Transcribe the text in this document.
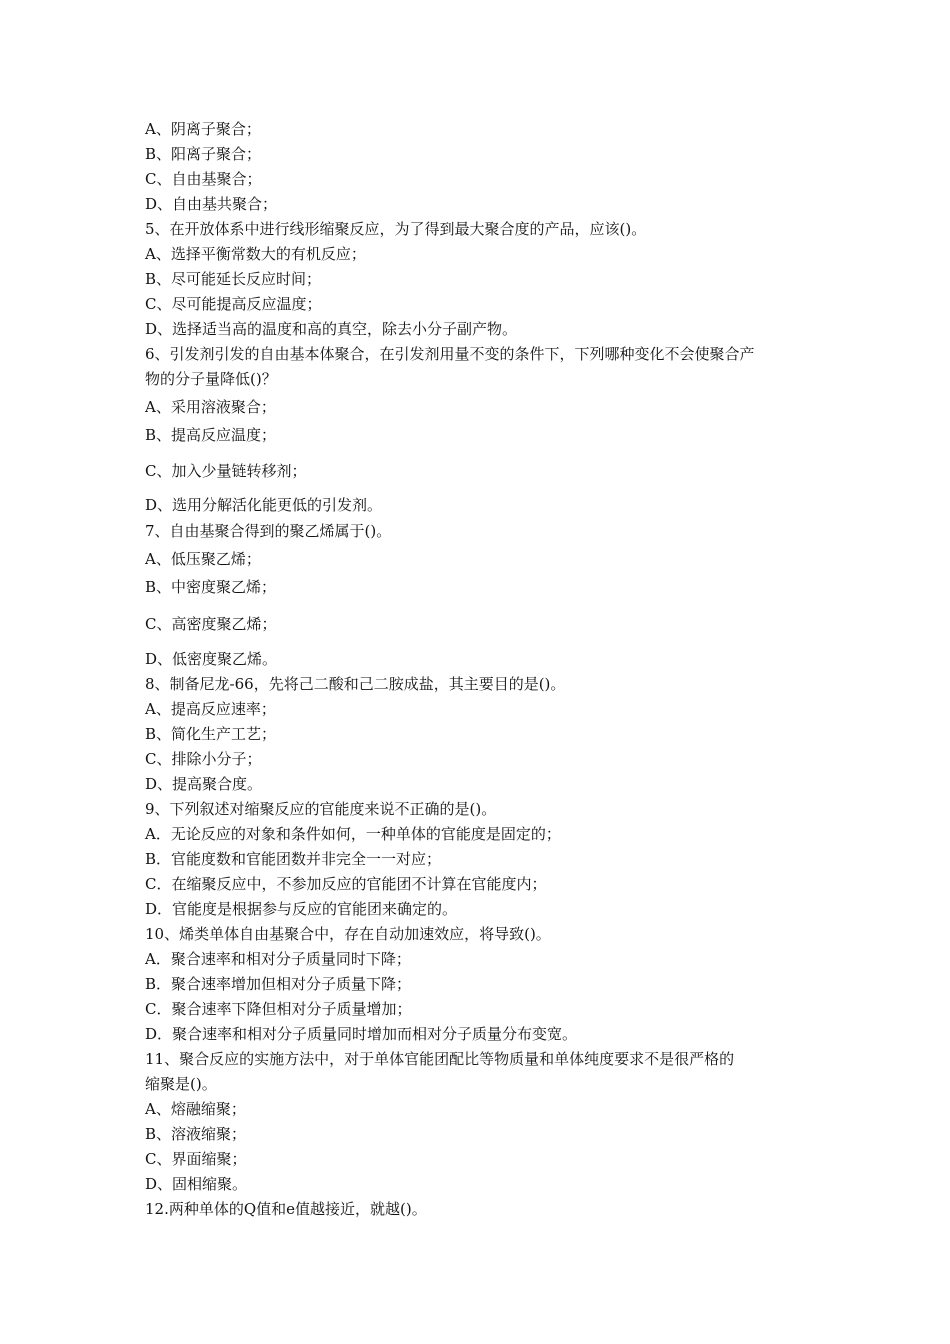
A、阴离子聚合；
B、阳离子聚合；
C、自由基聚合；
D、自由基共聚合；
5、在开放体系中进行线形缩聚反应，为了得到最大聚合度的产品，应该()。
A、选择平衡常数大的有机反应；
B、尽可能延长反应时间；
C、尽可能提高反应温度；
D、选择适当高的温度和高的真空，除去小分子副产物。
6、引发剂引发的自由基本体聚合，在引发剂用量不变的条件下，下列哪种变化不会使聚合产
物的分子量降低()？
A、采用溶液聚合；
B、提高反应温度；
C、加入少量链转移剂；
D、选用分解活化能更低的引发剂。
7、自由基聚合得到的聚乙烯属于()。
A、低压聚乙烯；
B、中密度聚乙烯；
C、高密度聚乙烯；
D、低密度聚乙烯。
8、制备尼龙-66，先将己二酸和己二胺成盐，其主要目的是()。
A、提高反应速率；
B、简化生产工艺；
C、排除小分子；
D、提高聚合度。
9、下列叙述对缩聚反应的官能度来说不正确的是()。
A．无论反应的对象和条件如何，一种单体的官能度是固定的；
B．官能度数和官能团数并非完全一一对应；
C．在缩聚反应中，不参加反应的官能团不计算在官能度内；
D．官能度是根据参与反应的官能团来确定的。
10、烯类单体自由基聚合中，存在自动加速效应，将导致()。
A．聚合速率和相对分子质量同时下降；
B．聚合速率增加但相对分子质量下降；
C．聚合速率下降但相对分子质量增加；
D．聚合速率和相对分子质量同时增加而相对分子质量分布变宽。
11、聚合反应的实施方法中，对于单体官能团配比等物质量和单体纯度要求不是很严格的
缩聚是()。
A、熔融缩聚；
B、溶液缩聚；
C、界面缩聚；
D、固相缩聚。
12.两种单体的Q值和e值越接近，就越()。
